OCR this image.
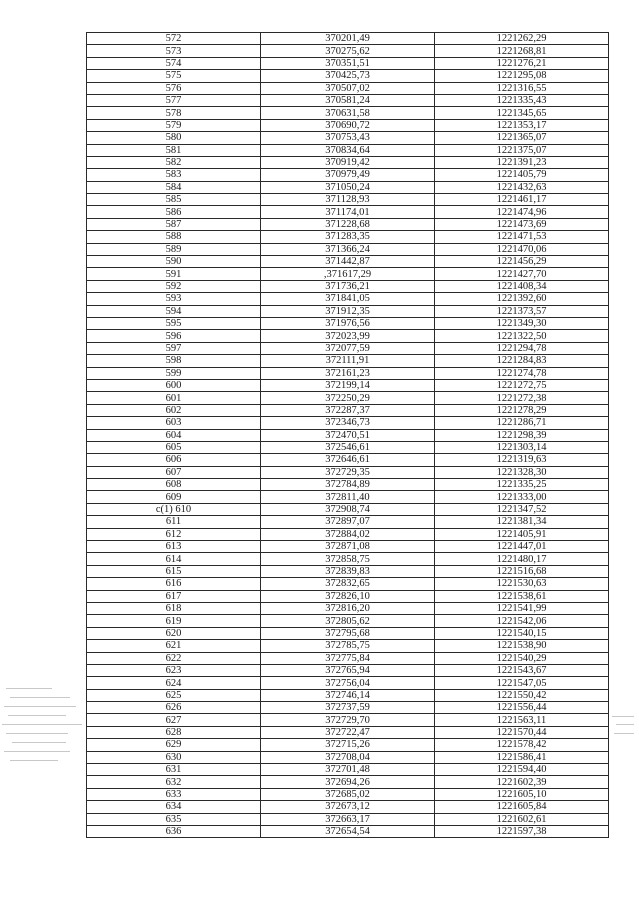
572	370201,49	1221262,29
573	370275,62	1221268,81
574	370351,51	1221276,21
575	370425,73	1221295,08
576	370507,02	1221316,55
577	370581,24	1221335,43
578	370631,58	1221345,65
579	370690,72	1221353,17
580	370753,43	1221365,07
581	370834,64	1221375,07
582	370919,42	1221391,23
583	370979,49	1221405,79
584	371050,24	1221432,63
585	371128,93	1221461,17
586	371174,01	1221474,96
587	371228,68	1221473,69
588	371283,35	1221471,53
589	371366,24	1221470,06
590	371442,87	1221456,29
591	,371617,29	1221427,70
592	371736,21	1221408,34
593	371841,05	1221392,60
594	371912,35	1221373,57
595	371976,56	1221349,30
596	372023,99	1221322,50
597	372077,59	1221294,78
598	372111,91	1221284,83
599	372161,23	1221274,78
600	372199,14	1221272,75
601	372250,29	1221272,38
602	372287,37	1221278,29
603	372346,73	1221286,71
604	372470,51	1221298,39
605	372546,61	1221303,14
606	372646,61	1221319,63
607	372729,35	1221328,30
608	372784,89	1221335,25
609	372811,40	1221333,00
c(1) 610	372908,74	1221347,52
611	372897,07	1221381,34
612	372884,02	1221405,91
613	372871,08	1221447,01
614	372858,75	1221480,17
615	372839,83	1221516,68
616	372832,65	1221530,63
617	372826,10	1221538,61
618	372816,20	1221541,99
619	372805,62	1221542,06
620	372795,68	1221540,15
621	372785,75	1221538,90
622	372775,84	1221540,29
623	372765,94	1221543,67
624	372756,04	1221547,05
625	372746,14	1221550,42
626	372737,59	1221556,44
627	372729,70	1221563,11
628	372722,47	1221570,44
629	372715,26	1221578,42
630	372708,04	1221586,41
631	372701,48	1221594,40
632	372694,26	1221602,39
633	372685,02	1221605,10
634	372673,12	1221605,84
635	372663,17	1221602,61
636	372654,54	1221597,38
